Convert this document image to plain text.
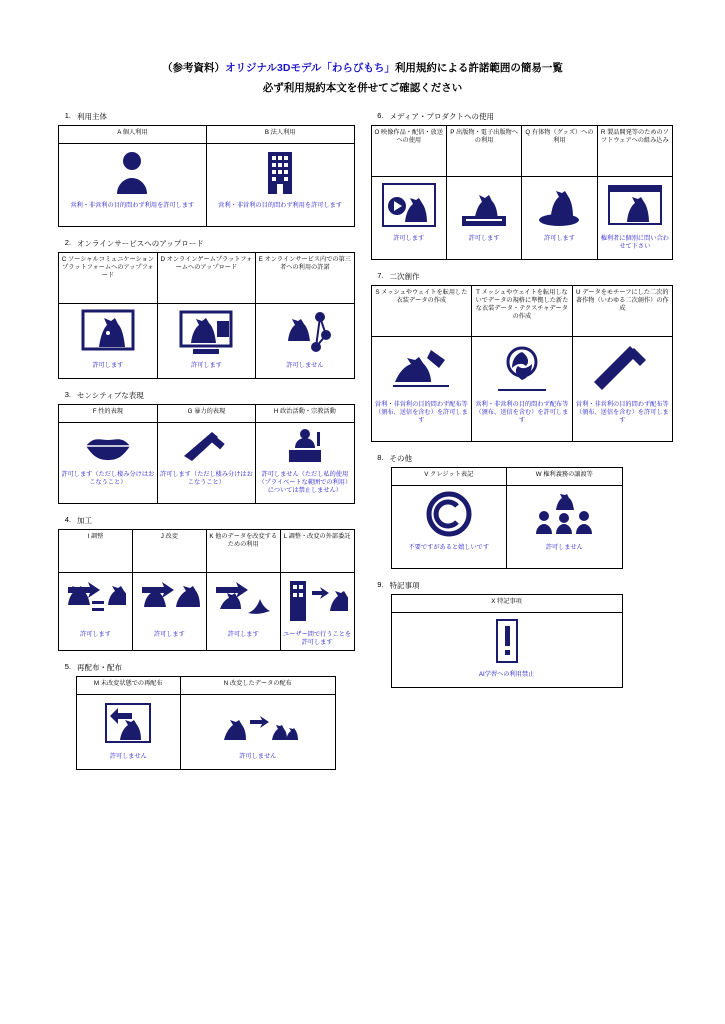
（参考資料）オリジナル3Dモデル「わらびもち」利用規約による許諾範囲の簡易一覧
必ず利用規約本文を併せてご確認ください
1. 利用主体
A 個人利用	B 法人利用

営利・非営利の目的問わず利用を許可します	営利・非営利の目的問わず利用を許可します
2. オンラインサービスへのアップロード
C ソーシャルコミュニケーションプラットフォームへのアップフォード	D オンラインゲームプラットフォームへのアップロード	E オンラインサービス内での第三者への利用の許諾

許可します	許可します	許可しません
3. センシティブな表現
F 性的表現	G 暴力的表現	H 政治活動・宗教活動

許可します（ただし棲み分けはおこなうこと）	許可します（ただし棲み分けはおこなうこと）	許可しません（ただし私的使用（プライベートな範囲での利用）については禁止しません）
4. 加工
I 調整	J 改変	K 他のデータを改変するための利用	L 調整・改変の外部委託

許可します	許可します	許可します	ユーザー間で行うことを許可します
5. 再配布・配布
M 未改変状態での再配布	N 改変したデータの配布

許可しません	許可しません
6. メディア・プロダクトへの使用
O 映像作品・配信・放送への使用	P 出版物・電子出版物への利用	Q 有体物（グッズ）への利用	R 製品開発等のためのソフトウェアへの組み込み

許可します	許可します	許可します	権利者に個別に問い合わせて下さい
7. 二次創作
S メッシュやウェイトを転用した衣装データの作成	T メッシュやウェイトを転用しないでデータの規格に準拠した新たな衣装データ・テクスチャデータの作成	U データをモチーフにした二次的著作物（いわゆる二次創作）の作成

営利・非営利の目的問わず配布等（頒布、送信を含む）を許可します	営利・非営利の目的問わず配布等（頒布、送信を含む）を許可します	営利・非営利の目的問わず配布等（頒布、送信を含む）を許可します
8. その他
V クレジット表記	W 権利義務の譲渡等

不要ですがあると嬉しいです	許可しません
9. 特記事項
X 特記事項

AI学習への利用禁止
